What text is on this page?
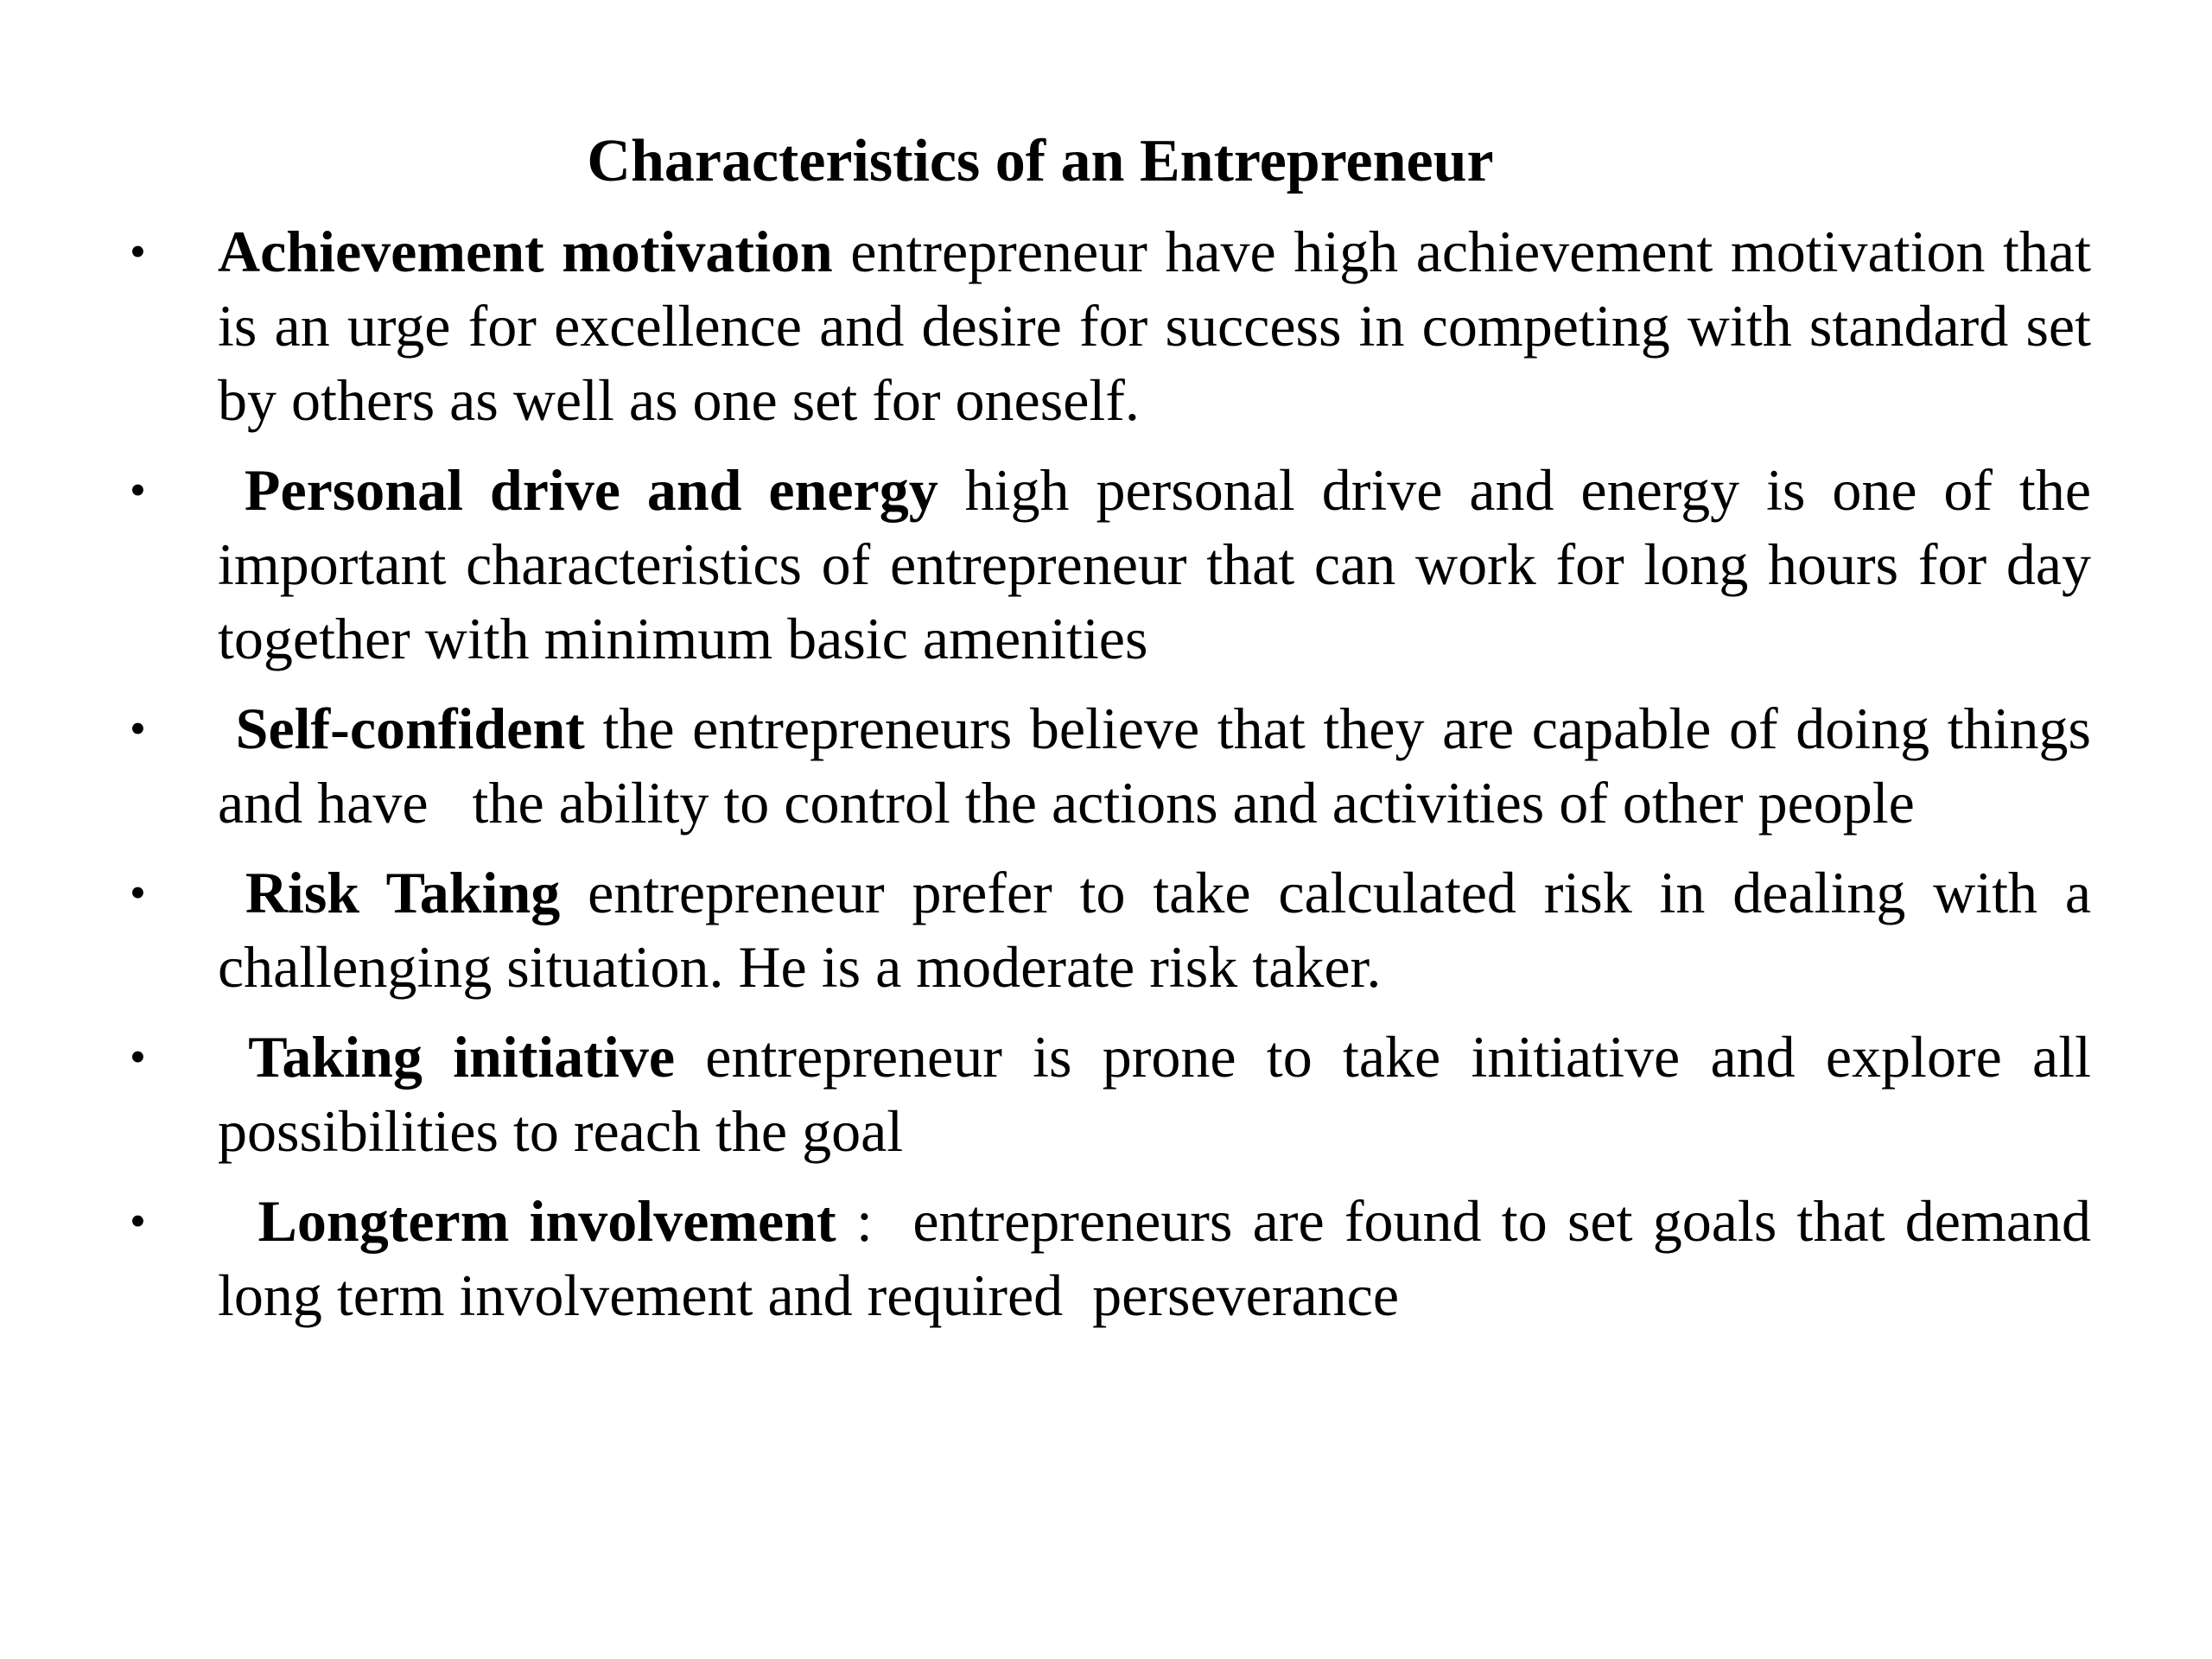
Characteristics of an Entrepreneur
• Achievement motivation entrepreneur have high achievement motivation that is an urge for excellence and desire for success in competing with standard set by others as well as one set for oneself.
• Personal drive and energy high personal drive and energy is one of the important characteristics of entrepreneur that can work for long hours for day together with minimum basic amenities
• Self-confident the entrepreneurs believe that they are capable of doing things and have   the ability to control the actions and activities of other people
• Risk Taking entrepreneur prefer to take calculated risk in dealing with a challenging situation. He is a moderate risk taker.
• Taking initiative entrepreneur is prone to take initiative and explore all possibilities to reach the goal
• Longterm involvement : entrepreneurs are found to set goals that demand long term involvement and required  perseverance
